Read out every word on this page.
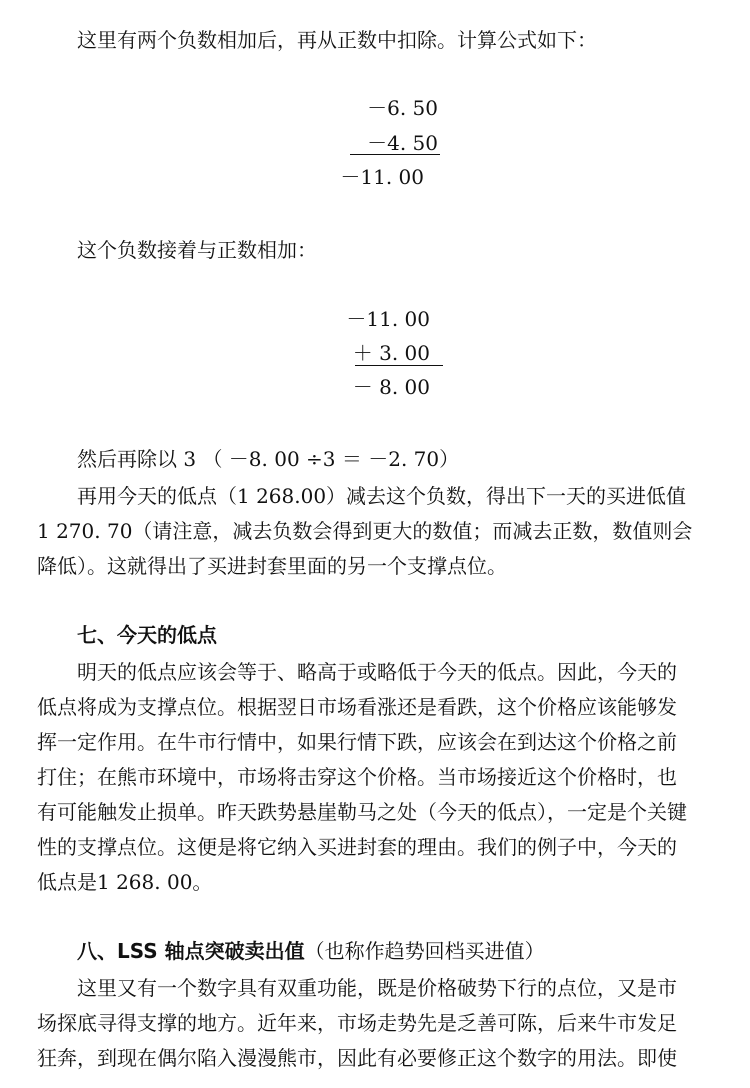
这里有两个负数相加后，再从正数中扣除。计算公式如下：

－6. 50

－4. 50

－11. 00

这个负数接着与正数相加：

－11. 00

＋ 3. 00

－ 8. 00

然后再除以 3 （ －8. 00 ÷3 ＝ －2. 70）

再用今天的低点（1 268.00）减去这个负数，得出下一天的买进低值

1 270. 70（请注意，减去负数会得到更大的数值；而减去正数，数值则会

降低）。这就得出了买进封套里面的另一个支撑点位。

七、今天的低点

明天的低点应该会等于、略高于或略低于今天的低点。因此，今天的

低点将成为支撑点位。根据翌日市场看涨还是看跌，这个价格应该能够发

挥一定作用。在牛市行情中，如果行情下跌，应该会在到达这个价格之前

打住；在熊市环境中，市场将击穿这个价格。当市场接近这个价格时，也

有可能触发止损单。昨天跌势悬崖勒马之处（今天的低点），一定是个关键

性的支撑点位。这便是将它纳入买进封套的理由。我们的例子中，今天的

低点是1 268. 00。

八、LSS 轴点突破卖出值（也称作趋势回档买进值）

这里又有一个数字具有双重功能，既是价格破势下行的点位，又是市

场探底寻得支撑的地方。近年来，市场走势先是乏善可陈，后来牛市发足

狂奔，到现在偶尔陷入漫漫熊市，因此有必要修正这个数字的用法。即使
